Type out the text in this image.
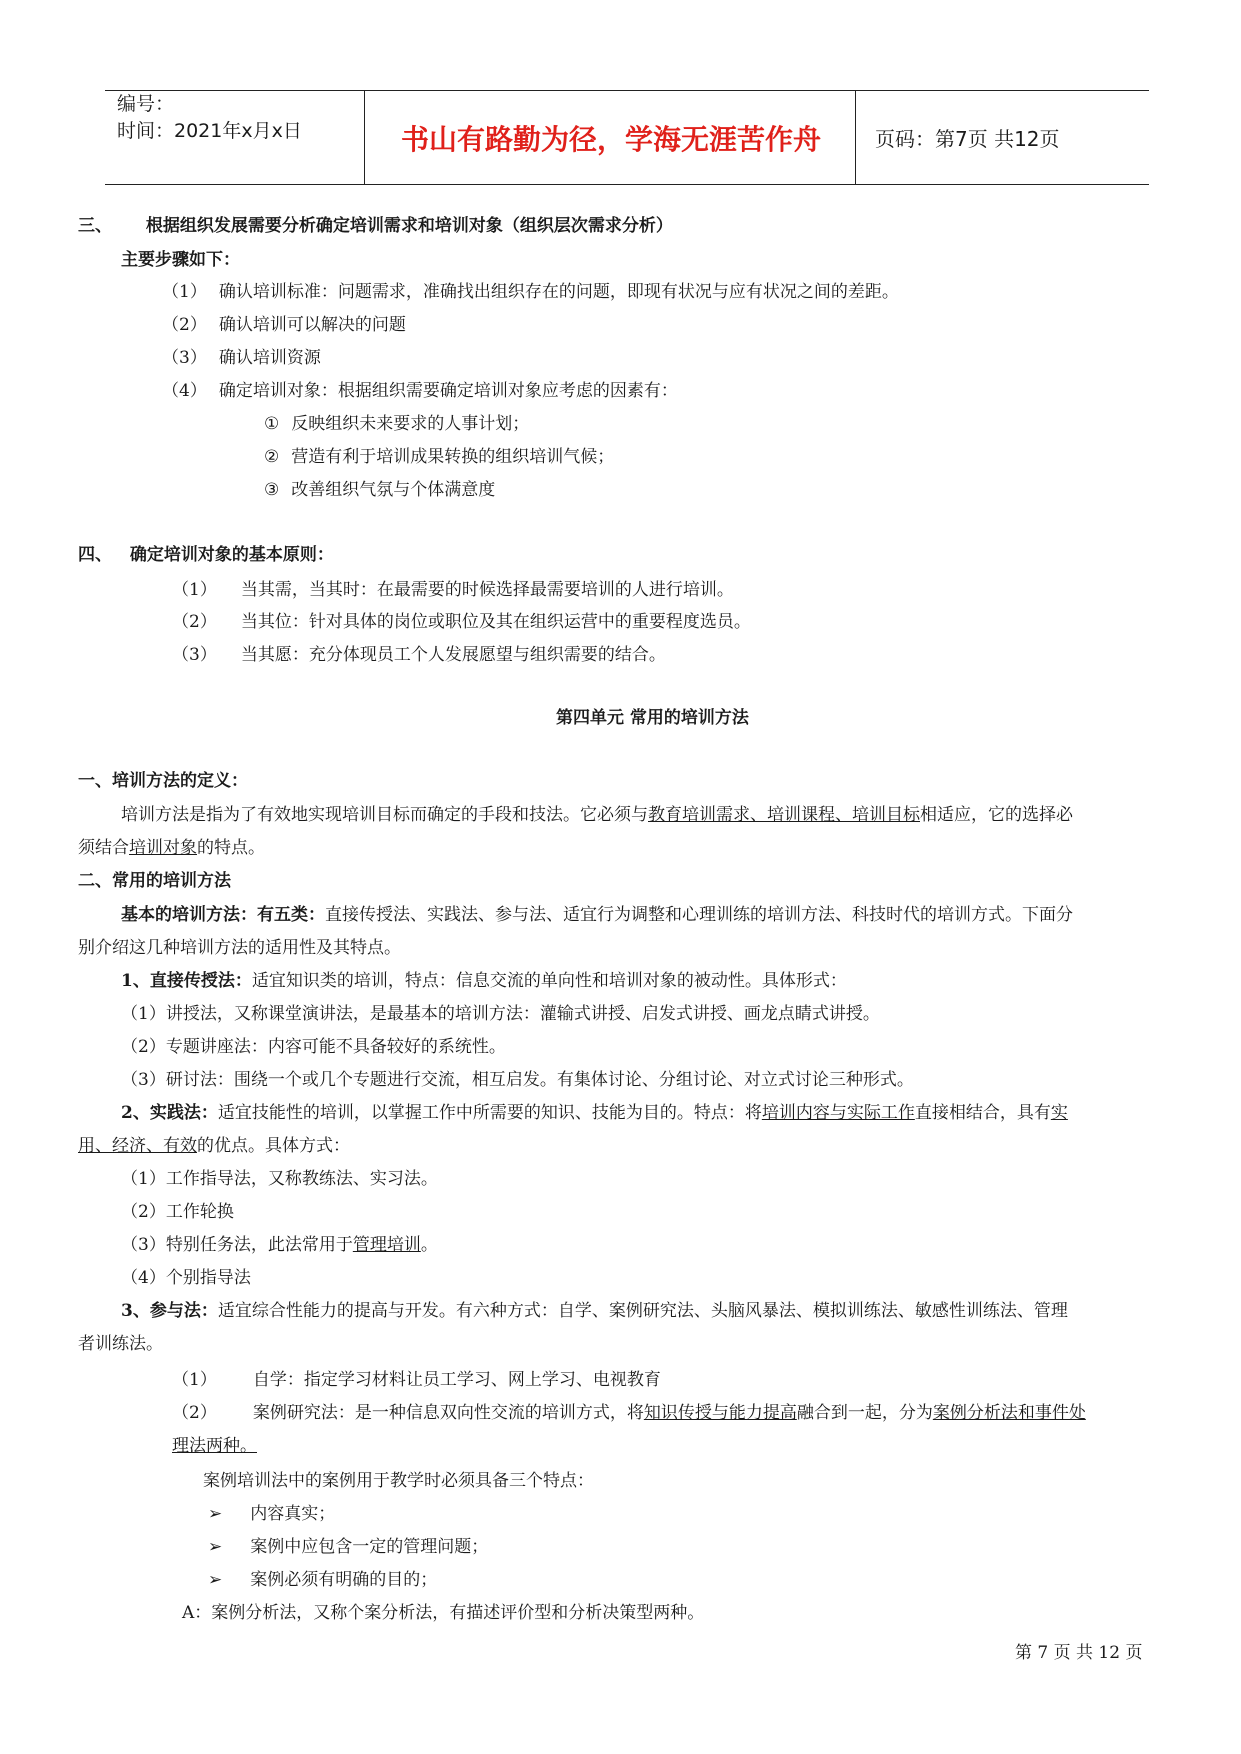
编号：
时间：2021年x月x日	书山有路勤为径，学海无涯苦作舟	页码：第7页 共12页
三、 根据组织发展需要分析确定培训需求和培训对象（组织层次需求分析）
主要步骤如下：
（1） 确认培训标准：问题需求，准确找出组织存在的问题，即现有状况与应有状况之间的差距。
（2） 确认培训可以解决的问题
（3） 确认培训资源
（4） 确定培训对象：根据组织需要确定培训对象应考虑的因素有：
① 反映组织未来要求的人事计划；
② 营造有利于培训成果转换的组织培训气候；
③ 改善组织气氛与个体满意度
四、 确定培训对象的基本原则：
（1） 当其需，当其时：在最需要的时候选择最需要培训的人进行培训。
（2） 当其位：针对具体的岗位或职位及其在组织运营中的重要程度选员。
（3） 当其愿：充分体现员工个人发展愿望与组织需要的结合。
第四单元 常用的培训方法
一、培训方法的定义：
培训方法是指为了有效地实现培训目标而确定的手段和技法。它必须与教育培训需求、培训课程、培训目标相适应，它的选择必
须结合培训对象的特点。
二、常用的培训方法
基本的培训方法：有五类：直接传授法、实践法、参与法、适宜行为调整和心理训练的培训方法、科技时代的培训方式。下面分
别介绍这几种培训方法的适用性及其特点。
1、直接传授法：适宜知识类的培训，特点：信息交流的单向性和培训对象的被动性。具体形式：
（1）讲授法，又称课堂演讲法，是最基本的培训方法：灌输式讲授、启发式讲授、画龙点睛式讲授。
（2）专题讲座法：内容可能不具备较好的系统性。
（3）研讨法：围绕一个或几个专题进行交流，相互启发。有集体讨论、分组讨论、对立式讨论三种形式。
2、实践法：适宜技能性的培训，以掌握工作中所需要的知识、技能为目的。特点：将培训内容与实际工作直接相结合，具有实
用、经济、有效的优点。具体方式：
（1）工作指导法，又称教练法、实习法。
（2）工作轮换
（3）特别任务法，此法常用于管理培训。
（4）个别指导法
3、参与法：适宜综合性能力的提高与开发。有六种方式：自学、案例研究法、头脑风暴法、模拟训练法、敏感性训练法、管理
者训练法。
（1） 自学：指定学习材料让员工学习、网上学习、电视教育
（2） 案例研究法：是一种信息双向性交流的培训方式，将知识传授与能力提高融合到一起，分为案例分析法和事件处
理法两种。
案例培训法中的案例用于教学时必须具备三个特点：
➢ 内容真实；
➢ 案例中应包含一定的管理问题；
➢ 案例必须有明确的目的；
A：案例分析法，又称个案分析法，有描述评价型和分析决策型两种。
第 7 页 共 12 页
